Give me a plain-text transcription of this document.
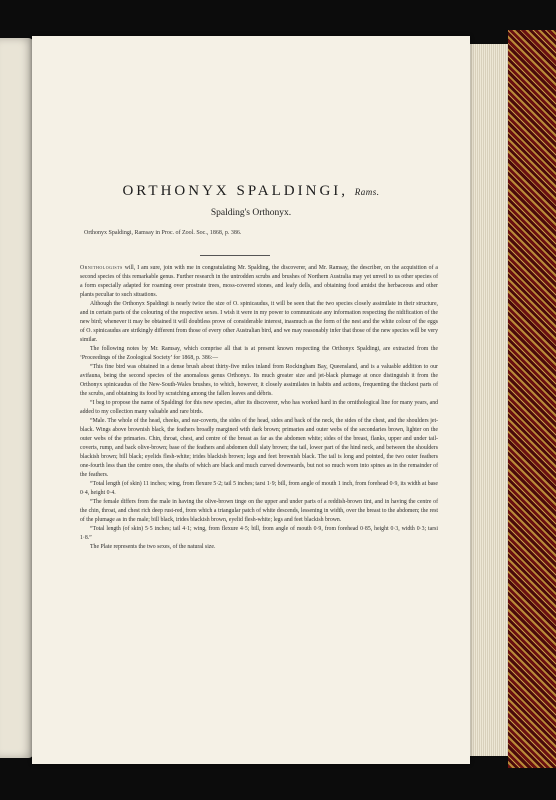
ORTHONYX SPALDINGI, Rams.
Spalding's Orthonyx.
Orthonyx Spaldingi, Ramsay in Proc. of Zool. Soc., 1868, p. 386.

Ornithologists will, I am sure, join with me in congratulating Mr. Spalding, the discoverer, and Mr. Ramsay, the describer, on the acquisition of a second species of this remarkable genus. Further research in the untrodden scrubs and brushes of Northern Australia may yet unveil to us other species of a form especially adapted for roaming over prostrate trees, moss-covered stones, and leafy dells, and obtaining food amidst the herbaceous and other plants peculiar to such situations.

Although the Orthonyx Spaldingi is nearly twice the size of O. spinicaudus, it will be seen that the two species closely assimilate in their structure, and in certain parts of the colouring of the respective sexes. I wish it were in my power to communicate any information respecting the nidification of the new bird; whenever it may be obtained it will doubtless prove of considerable interest, inasmuch as the form of the nest and the white colour of the eggs of O. spinicaudus are strikingly different from those of every other Australian bird, and we may reasonably infer that those of the new species will be very similar.

The following notes by Mr. Ramsay, which comprise all that is at present known respecting the Orthonyx Spaldingi, are extracted from the ‘Proceedings of the Zoological Society’ for 1868, p. 386:—

“This fine bird was obtained in a dense brush about thirty-five miles inland from Rockingham Bay, Queensland, and is a valuable addition to our avifauna, being the second species of the anomalous genus Orthonyx. Its much greater size and jet-black plumage at once distinguish it from the Orthonyx spinicaudus of the New-South-Wales brushes, to which, however, it closely assimilates in habits and actions, frequenting the thickest parts of the scrubs, and obtaining its food by scratching among the fallen leaves and débris.

“I beg to propose the name of Spaldingi for this new species, after its discoverer, who has worked hard in the ornithological line for many years, and added to my collection many valuable and rare birds.

“Male. The whole of the head, cheeks, and ear-coverts, the sides of the head, sides and back of the neck, the sides of the chest, and the shoulders jet-black. Wings above brownish black, the feathers broadly margined with dark brown; primaries and outer webs of the secondaries brown, lighter on the outer webs of the primaries. Chin, throat, chest, and centre of the breast as far as the abdomen white; sides of the breast, flanks, upper and under tail-coverts, rump, and back olive-brown; base of the feathers and abdomen dull slaty brown; the tail, lower part of the hind neck, and between the shoulders blackish brown; bill black; eyelids flesh-white; irides blackish brown; legs and feet brownish black. The tail is long and pointed, the two outer feathers one-fourth less than the centre ones, the shafts of which are black and much curved downwards, but not so much worn into spines as in the remainder of the feathers.

“Total length (of skin) 11 inches; wing, from flexure 5·2; tail 5 inches; tarsi 1·9; bill, from angle of mouth 1 inch, from forehead 0·9, its width at base 0·4, height 0·4.

“The female differs from the male in having the olive-brown tinge on the upper and under parts of a reddish-brown tint, and in having the centre of the chin, throat, and chest rich deep rust-red, from which a triangular patch of white descends, lessening in width, over the breast to the abdomen; the rest of the plumage as in the male; bill black, irides blackish brown, eyelid flesh-white; legs and feet blackish brown.

“Total length (of skin) 5·5 inches; tail 4·1; wing, from flexure 4·5; bill, from angle of mouth 0·9, from forehead 0·85, height 0·3, width 0·3; tarsi 1·8.”

The Plate represents the two sexes, of the natural size.
